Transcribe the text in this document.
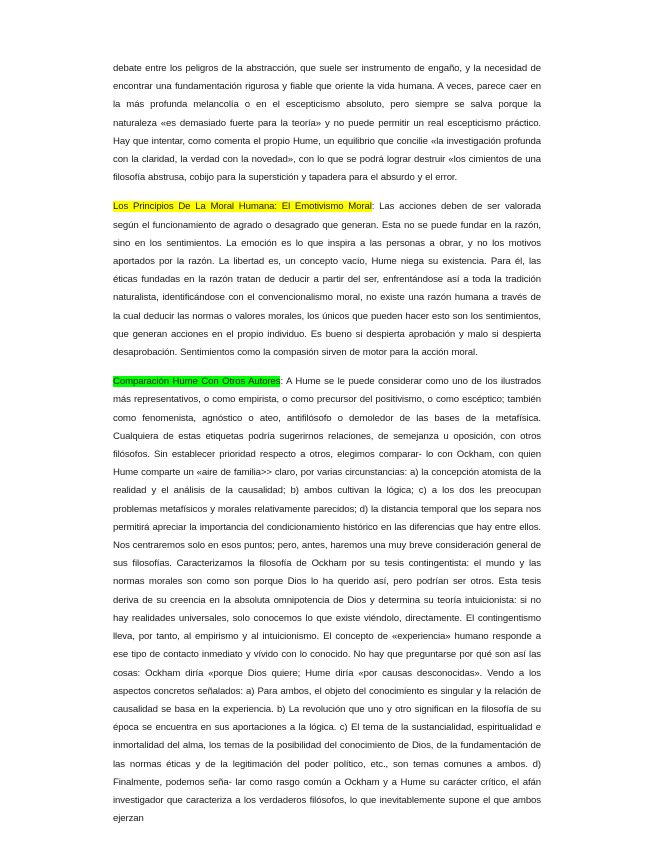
debate entre los peligros de la abstracción, que suele ser instrumento de engaño, y la necesidad de encontrar una fundamentación rigurosa y fiable que oriente la vida humana. A veces, parece caer en la más profunda melancolía o en el escepticismo absoluto, pero siempre se salva porque la naturaleza «es demasiado fuerte para la teoría» y no puede permitir un real escepticismo práctico. Hay que intentar, como comenta el propio Hume, un equilibrio que concilie «la investigación profunda con la claridad, la verdad con la novedad», con lo que se podrá lograr destruir «los cimientos de una filosofía abstrusa, cobijo para la superstición y tapadera para el absurdo y el error.

Los Principios De La Moral Humana: El Emotivismo Moral: Las acciones deben de ser valorada según el funcionamiento de agrado o desagrado que generan. Esta no se puede fundar en la razón, sino en los sentimientos. La emoción es lo que inspira a las personas a obrar, y no los motivos aportados por la razón. La libertad es, un concepto vacío, Hume niega su existencia. Para él, las éticas fundadas en la razón tratan de deducir a partir del ser, enfrentándose así a toda la tradición naturalista, identificándose con el convencionalismo moral, no existe una razón humana a través de la cual deducir las normas o valores morales, los únicos que pueden hacer esto son los sentimientos, que generan acciones en el propio individuo. Es bueno si despierta aprobación y malo si despierta desaprobación. Sentimientos como la compasión sirven de motor para la acción moral.

Comparación Hume Con Otros Autores: A Hume se le puede considerar como uno de los ilustrados más representativos, o como empirista, o como precursor del positivismo, o como escéptico; también como fenomenista, agnóstico o ateo, antifilósofo o demoledor de las bases de la metafísica. Cualquiera de estas etiquetas podría sugerirnos relaciones, de semejanza u oposición, con otros filósofos. Sin establecer prioridad respecto a otros, elegimos comparar- lo con Ockham, con quien Hume comparte un «aire de familia>> claro, por varias circunstancias: a) la concepción atomista de la realidad y el análisis de la causalidad; b) ambos cultivan la lógica; c) a los dos les preocupan problemas metafísicos y morales relativamente parecidos; d) la distancia temporal que los separa nos permitirá apreciar la importancia del condicionamiento histórico en las diferencias que hay entre ellos. Nos centraremos solo en esos puntos; pero, antes, haremos una muy breve consideración general de sus filosofías. Caracterizamos la filosofía de Ockham por su tesis contingentista: el mundo y las normas morales son como son porque Dios lo ha querido así, pero podrían ser otros. Esta tesis deriva de su creencia en la absoluta omnipotencia de Dios y determina su teoría intuicionista: si no hay realidades universales, solo conocemos lo que existe viéndolo, directamente. El contingentismo lleva, por tanto, al empirismo y al intuicionismo. El concepto de «experiencia» humano responde a ese tipo de contacto inmediato y vívido con lo conocido. No hay que preguntarse por qué son así las cosas: Ockham diría «porque Dios quiere; Hume diría «por causas desconocidas». Vendo a los aspectos concretos señalados: a) Para ambos, el objeto del conocimiento es singular y la relación de causalidad se basa en la experiencia. b) La revolución que uno y otro significan en la filosofía de su época se encuentra en sus aportaciones a la lógica. c) El tema de la sustancialidad, espiritualidad e inmortalidad del alma, los temas de la posibilidad del conocimiento de Dios, de la fundamentación de las normas éticas y de la legitimación del poder político, etc., son temas comunes a ambos. d) Finalmente, podemos seña- lar como rasgo común a Ockham y a Hume su carácter crítico, el afán investigador que caracteriza a los verdaderos filósofos, lo que inevitablemente supone el que ambos ejerzan
